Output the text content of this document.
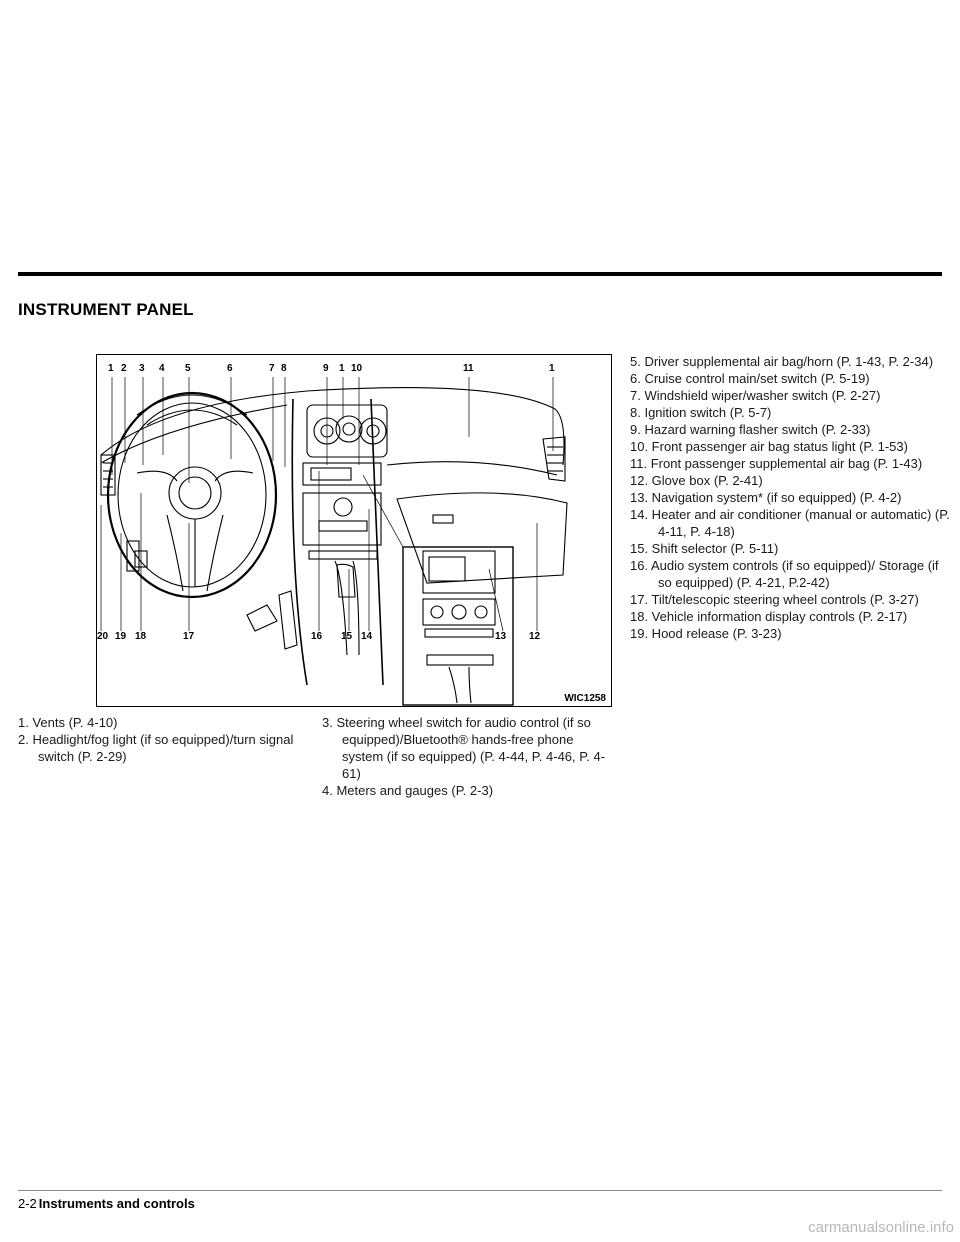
INSTRUMENT PANEL
1 2 3 4 5	6	7 8	9 1 10	11	1
20 19 18	17	16 15 14	13 12
WIC1258
1. Vents (P. 4-10)
2. Headlight/fog light (if so equipped)/turn signal switch (P. 2-29)
3. Steering wheel switch for audio control (if so equipped)/Bluetooth® hands-free phone system (if so equipped) (P. 4-44, P. 4-46, P. 4-61)
4. Meters and gauges (P. 2-3)
5. Driver supplemental air bag/horn (P. 1-43, P. 2-34)
6. Cruise control main/set switch (P. 5-19)
7. Windshield wiper/washer switch (P. 2-27)
8. Ignition switch (P. 5-7)
9. Hazard warning flasher switch (P. 2-33)
10. Front passenger air bag status light (P. 1-53)
11. Front passenger supplemental air bag (P. 1-43)
12. Glove box (P. 2-41)
13. Navigation system* (if so equipped) (P. 4-2)
14. Heater and air conditioner (manual or automatic) (P. 4-11, P. 4-18)
15. Shift selector (P. 5-11)
16. Audio system controls (if so equipped)/ Storage (if so equipped) (P. 4-21, P.2-42)
17. Tilt/telescopic steering wheel controls (P. 3-27)
18. Vehicle information display controls (P. 2-17)
19. Hood release (P. 3-23)
2-2 Instruments and controls
carmanualsonline.info
